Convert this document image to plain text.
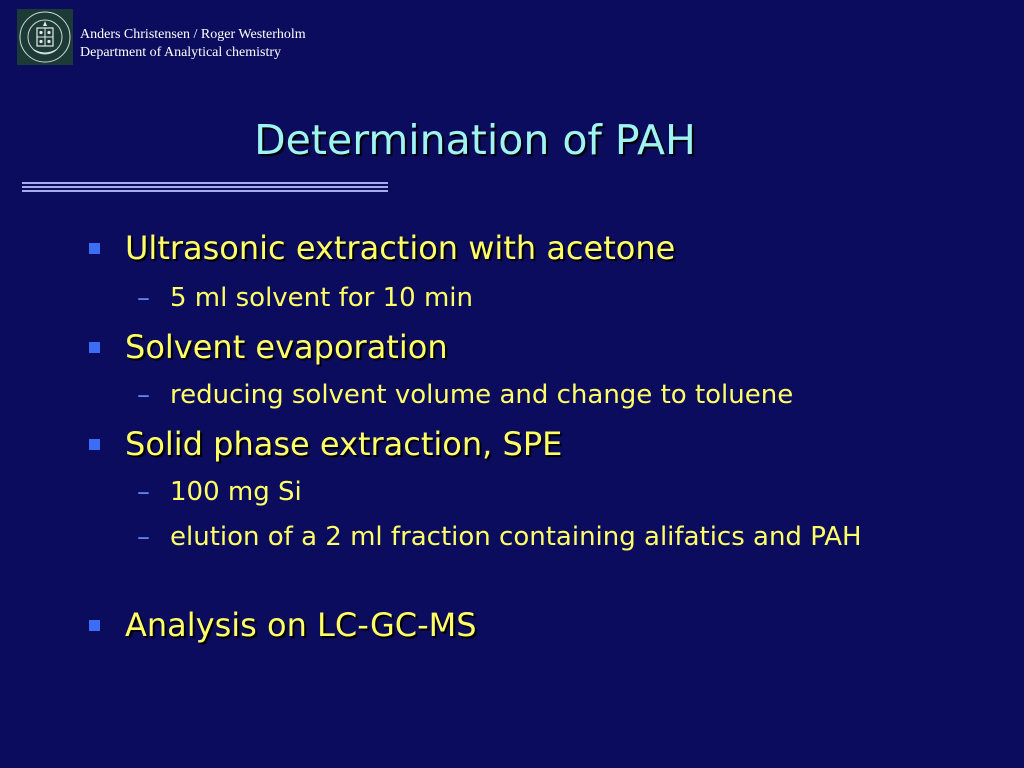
Anders Christensen / Roger Westerholm
Department of Analytical chemistry
Determination of PAH
Ultrasonic extraction with acetone
– 5 ml solvent for 10 min
Solvent evaporation
– reducing solvent volume and change to toluene
Solid phase extraction, SPE
– 100 mg Si
– elution of a 2 ml fraction containing alifatics and PAH
Analysis on LC-GC-MS
